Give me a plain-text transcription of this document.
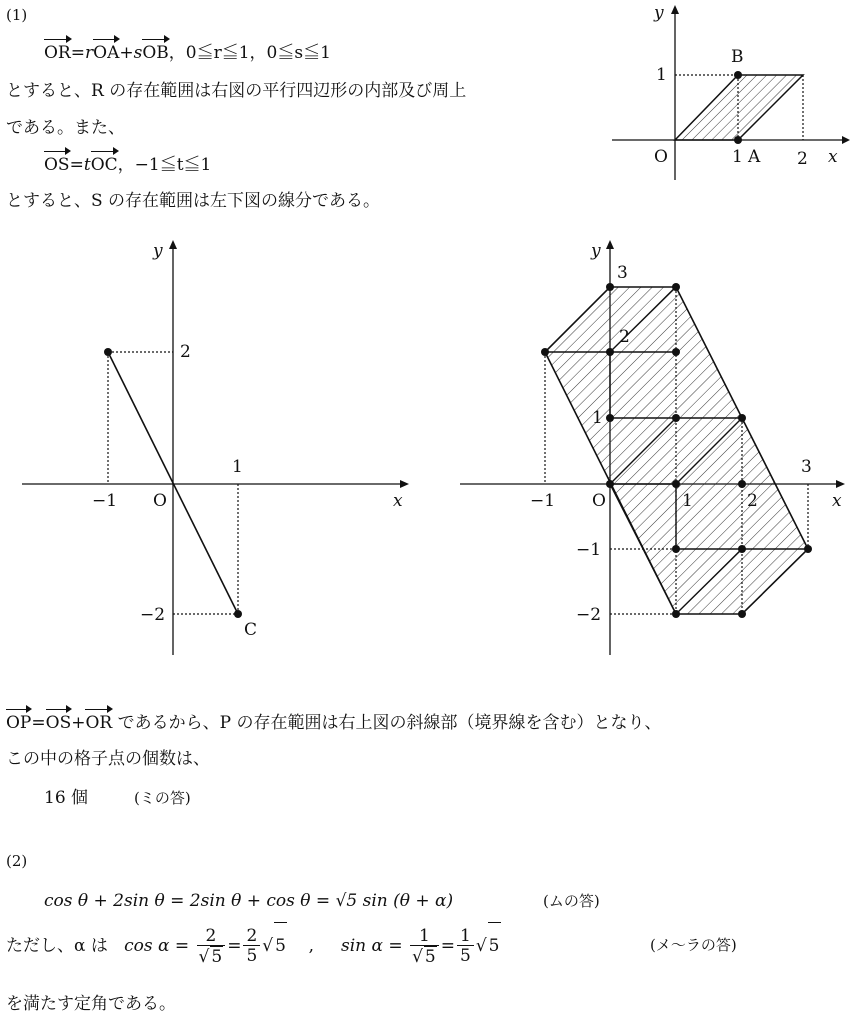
(1)
OR=rOA+sOB，0≦r≦1，0≦s≦1
とすると、R の存在範囲は右図の平行四辺形の内部及び周上
である。また、
OS=tOC，−1≦t≦1
とすると、S の存在範囲は左下図の線分である。
y
B
1
O	1 A 2 x
y
2
1
−1 O	x
−2
C
y
3
2
1
−1 O	1	2
3
x
−1
−2
OP=OS+OR であるから、P の存在範囲は右上図の斜線部（境界線を含む）となり、
この中の格子点の個数は、
16 個	(ミの答)
(2)
cos θ + 2sin θ = 2sin θ + cos θ = √5 sin (θ + α)	(ムの答)
ただし、α は $\cos \alpha = \frac{2}{√ 5} = \frac{2}{5}$ √ 5 , $\sin \alpha = \frac{1}{√ 5} = \frac{1}{5}$ √ 5	(メ〜ラの答)
を満たす定角である。
